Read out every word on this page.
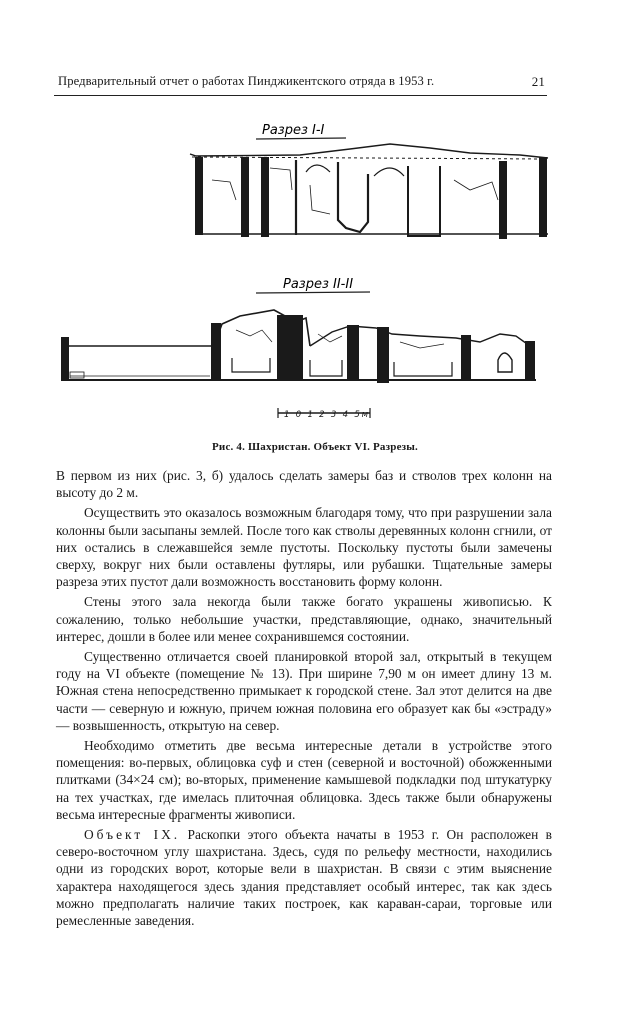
Предварительный отчет о работах Пинджикентского отряда в 1953 г.	21
Разрез I-I
Разрез II-II
1 0 1 2 3 4 5м
Рис. 4. Шахристан. Объект VI. Разрезы.

В первом из них (рис. 3, б) удалось сделать замеры баз и стволов трех колонн на высоту до 2 м.

Осуществить это оказалось возможным благодаря тому, что при разрушении зала колонны были засыпаны землей. После того как стволы деревянных колонн сгнили, от них остались в слежавшейся земле пустоты. Поскольку пустоты были замечены сверху, вокруг них были оставлены футляры, или рубашки. Тщательные замеры разреза этих пустот дали возможность восстановить форму колонн.

Стены этого зала некогда были также богато украшены живописью. К сожалению, только небольшие участки, представляющие, однако, значительный интерес, дошли в более или менее сохранившемся состоянии.

Существенно отличается своей планировкой второй зал, открытый в текущем году на VI объекте (помещение № 13). При ширине 7,90 м он имеет длину 13 м. Южная стена непосредственно примыкает к городской стене. Зал этот делится на две части — северную и южную, причем южная половина его образует как бы «эстраду» — возвышенность, открытую на север.

Необходимо отметить две весьма интересные детали в устройстве этого помещения: во-первых, облицовка суф и стен (северной и восточной) обожженными плитками (34×24 см); во-вторых, применение камышевой подкладки под штукатурку на тех участках, где имелась плиточная облицовка. Здесь также были обнаружены весьма интересные фрагменты живописи.

Объект IX. Раскопки этого объекта начаты в 1953 г. Он расположен в северо-восточном углу шахристана. Здесь, судя по рельефу местности, находились одни из городских ворот, которые вели в шахристан. В связи с этим выяснение характера находящегося здесь здания представляет особый интерес, так как здесь можно предполагать наличие таких построек, как караван-сараи, торговые или ремесленные заведения.
